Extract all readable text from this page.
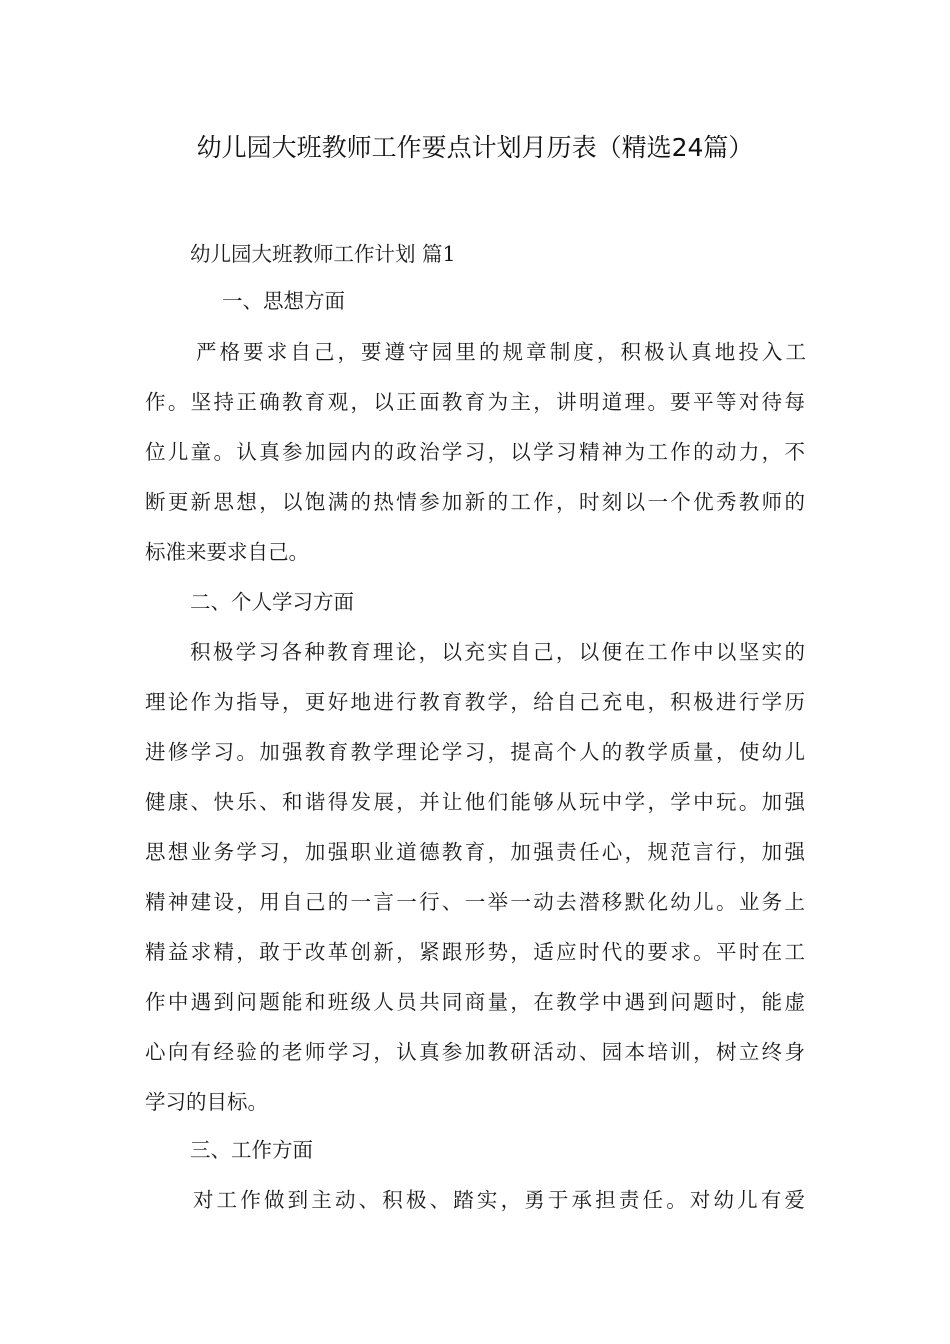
幼儿园大班教师工作要点计划月历表（精选24篇）
幼儿园大班教师工作计划 篇1
一、思想方面
严格要求自己，要遵守园里的规章制度，积极认真地投入工
作。坚持正确教育观，以正面教育为主，讲明道理。要平等对待每
位儿童。认真参加园内的政治学习，以学习精神为工作的动力，不
断更新思想，以饱满的热情参加新的工作，时刻以一个优秀教师的
标准来要求自己。
二、个人学习方面
积极学习各种教育理论，以充实自己，以便在工作中以坚实的
理论作为指导，更好地进行教育教学，给自己充电，积极进行学历
进修学习。加强教育教学理论学习，提高个人的教学质量，使幼儿
健康、快乐、和谐得发展，并让他们能够从玩中学，学中玩。加强
思想业务学习，加强职业道德教育，加强责任心，规范言行，加强
精神建设，用自己的一言一行、一举一动去潜移默化幼儿。业务上
精益求精，敢于改革创新，紧跟形势，适应时代的要求。平时在工
作中遇到问题能和班级人员共同商量，在教学中遇到问题时，能虚
心向有经验的老师学习，认真参加教研活动、园本培训，树立终身
学习的目标。
三、工作方面
对工作做到主动、积极、踏实，勇于承担责任。对幼儿有爱
